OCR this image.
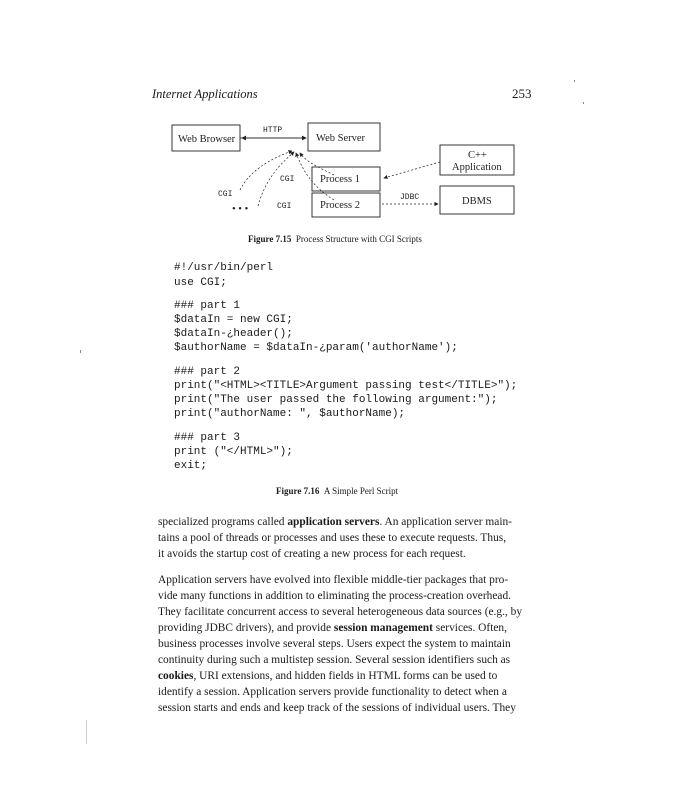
Internet Applications	253
Web Browser	Web Server
Process 1
Process 2
C++
Application
DBMS
HTTP
CGI
CGI
CGI
• • •
JDBC
Figure 7.15 Process Structure with CGI Scripts
#!/usr/bin/perl
use CGI;
### part 1
$dataIn = new CGI;
$dataIn-¿header();
$authorName = $dataIn-¿param('authorName');
### part 2
print("<HTML><TITLE>Argument passing test</TITLE>");
print("The user passed the following argument:");
print("authorName: ", $authorName);
### part 3
print ("</HTML>");
exit;
Figure 7.16 A Simple Perl Script
specialized programs called application servers. An application server main-
tains a pool of threads or processes and uses these to execute requests. Thus,
it avoids the startup cost of creating a new process for each request.
Application servers have evolved into flexible middle-tier packages that pro-
vide many functions in addition to eliminating the process-creation overhead.
They facilitate concurrent access to several heterogeneous data sources (e.g., by
providing JDBC drivers), and provide session management services. Often,
business processes involve several steps. Users expect the system to maintain
continuity during such a multistep session. Several session identifiers such as
cookies, URI extensions, and hidden fields in HTML forms can be used to
identify a session. Application servers provide functionality to detect when a
session starts and ends and keep track of the sessions of individual users. They
